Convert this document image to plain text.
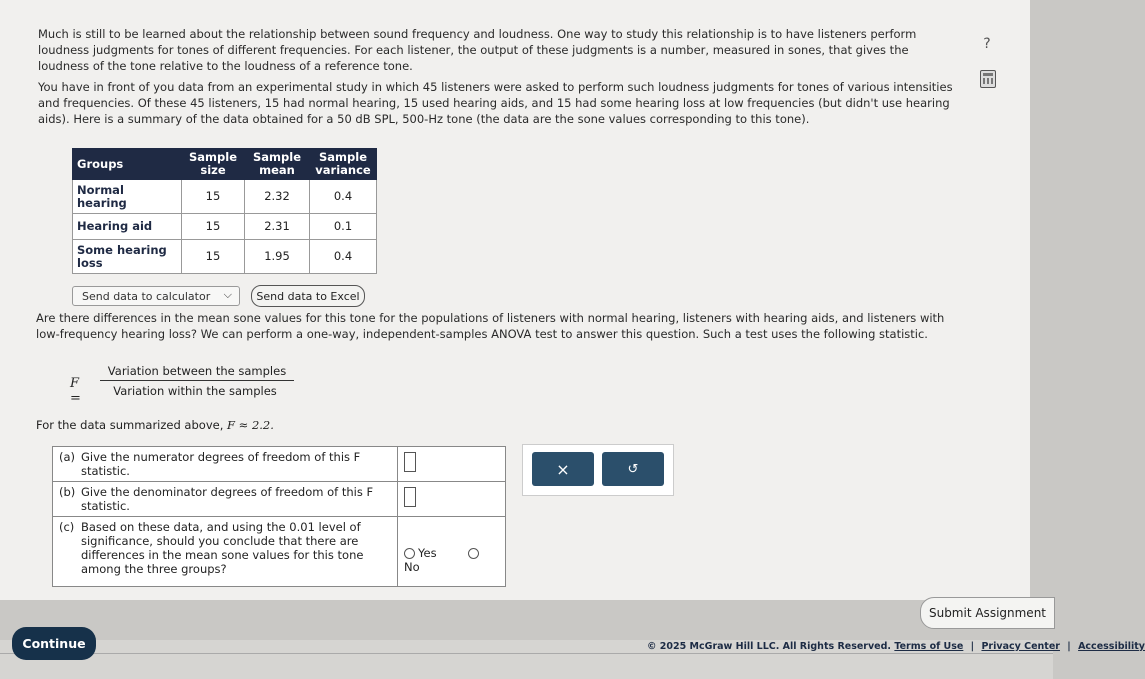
Much is still to be learned about the relationship between sound frequency and loudness. One way to study this relationship is to have listeners perform loudness judgments for tones of different frequencies. For each listener, the output of these judgments is a number, measured in sones, that gives the loudness of the tone relative to the loudness of a reference tone.
?
You have in front of you data from an experimental study in which 45 listeners were asked to perform such loudness judgments for tones of various intensities and frequencies. Of these 45 listeners, 15 had normal hearing, 15 used hearing aids, and 15 had some hearing loss at low frequencies (but didn't use hearing aids). Here is a summary of the data obtained for a 50 dB SPL, 500-Hz tone (the data are the sone values corresponding to this tone).
Groups	Sample size	Sample mean	Sample variance
Normal hearing	15	2.32	0.4
Hearing aid	15	2.31	0.1
Some hearing loss	15	1.95	0.4
Send data to calculator ⌵	Send data to Excel
Are there differences in the mean sone values for this tone for the populations of listeners with normal hearing, listeners with hearing aids, and listeners with low-frequency hearing loss? We can perform a one-way, independent-samples ANOVA test to answer this question. Such a test uses the following statistic.
F =
Variation between the samples
Variation within the samples
For the data summarized above, F ≈ 2.2.
(a) Give the numerator degrees of freedom of this F statistic.	
(b) Give the denominator degrees of freedom of this F statistic.	
(c) Based on these data, and using the 0.01 level of significance, should you conclude that there are differences in the mean sone values for this tone among the three groups?	Yes No
×	↺
Submit Assignment
Continue	© 2025 McGraw Hill LLC. All Rights Reserved. Terms of Use | Privacy Center | Accessibility
